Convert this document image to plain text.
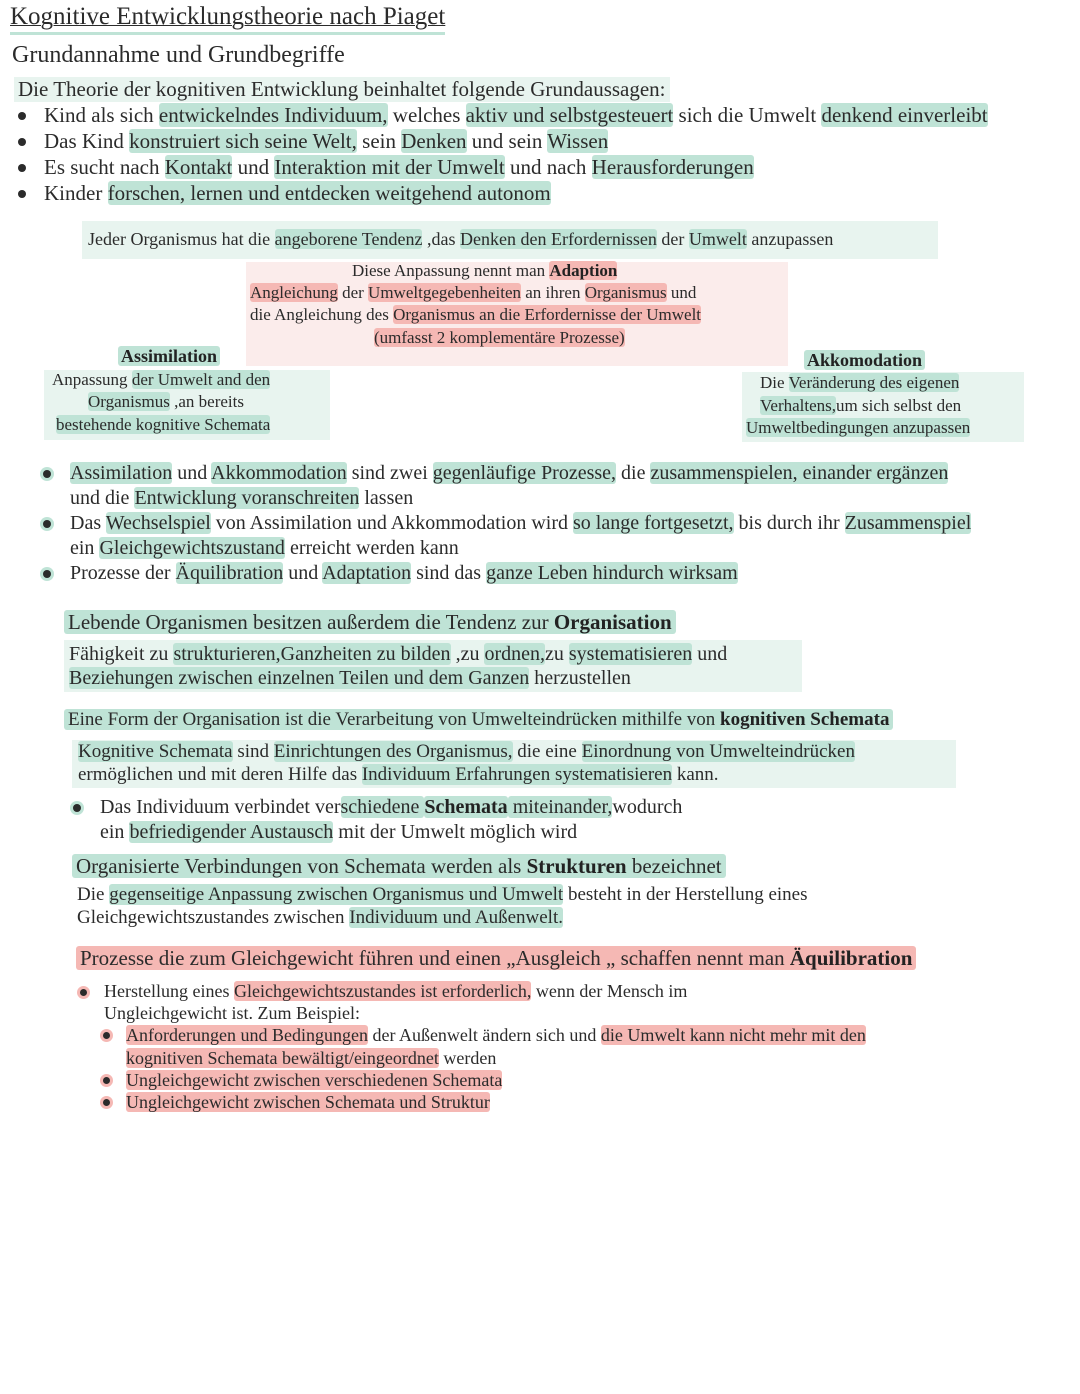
Kognitive Entwicklungstheorie nach Piaget
Grundannahme und Grundbegriffe
Die Theorie der kognitiven Entwicklung beinhaltet folgende Grundaussagen:
Kind als sich entwickelndes Individuum, welches aktiv und selbstgesteuert sich die Umwelt denkend einverleibt
Das Kind konstruiert sich seine Welt, sein Denken und sein Wissen
Es sucht nach Kontakt und Interaktion mit der Umwelt und nach Herausforderungen
Kinder forschen, lernen und entdecken weitgehend autonom
Jeder Organismus hat die angeborene Tendenz ,das Denken den Erfordernissen der Umwelt anzupassen
Diese Anpassung nennt man Adaption
Angleichung der Umweltgegebenheiten an ihren Organismus und
die Angleichung des Organismus an die Erfordernisse der Umwelt
(umfasst 2 komplementäre Prozesse)
Assimilation
Anpassung der Umwelt and den
Organismus ,an bereits
bestehende kognitive Schemata
Akkomodation
Die Veränderung des eigenen
Verhaltens,um sich selbst den
Umweltbedingungen anzupassen
Assimilation und Akkommodation sind zwei gegenläufige Prozesse, die zusammenspielen, einander ergänzen
und die Entwicklung voranschreiten lassen
Das Wechselspiel von Assimilation und Akkommodation wird so lange fortgesetzt, bis durch ihr Zusammenspiel
ein Gleichgewichtszustand erreicht werden kann
Prozesse der Äquilibration und Adaptation sind das ganze Leben hindurch wirksam
Lebende Organismen besitzen außerdem die Tendenz zur Organisation
Fähigkeit zu strukturieren,Ganzheiten zu bilden ,zu ordnen,zu systematisieren und
Beziehungen zwischen einzelnen Teilen und dem Ganzen herzustellen
Eine Form der Organisation ist die Verarbeitung von Umwelteindrücken mithilfe von kognitiven Schemata
Kognitive Schemata sind Einrichtungen des Organismus, die eine Einordnung von Umwelteindrücken
ermöglichen und mit deren Hilfe das Individuum Erfahrungen systematisieren kann.
Das Individuum verbindet verschiedene Schemata miteinander,wodurch
ein befriedigender Austausch mit der Umwelt möglich wird
Organisierte Verbindungen von Schemata werden als Strukturen bezeichnet
Die gegenseitige Anpassung zwischen Organismus und Umwelt besteht in der Herstellung eines
Gleichgewichtszustandes zwischen Individuum und Außenwelt.
Prozesse die zum Gleichgewicht führen und einen „Ausgleich „ schaffen nennt man Äquilibration
Herstellung eines Gleichgewichtszustandes ist erforderlich, wenn der Mensch im
Ungleichgewicht ist. Zum Beispiel:
Anforderungen und Bedingungen der Außenwelt ändern sich und die Umwelt kann nicht mehr mit den
kognitiven Schemata bewältigt/eingeordnet werden
Ungleichgewicht zwischen verschiedenen Schemata
Ungleichgewicht zwischen Schemata und Struktur
